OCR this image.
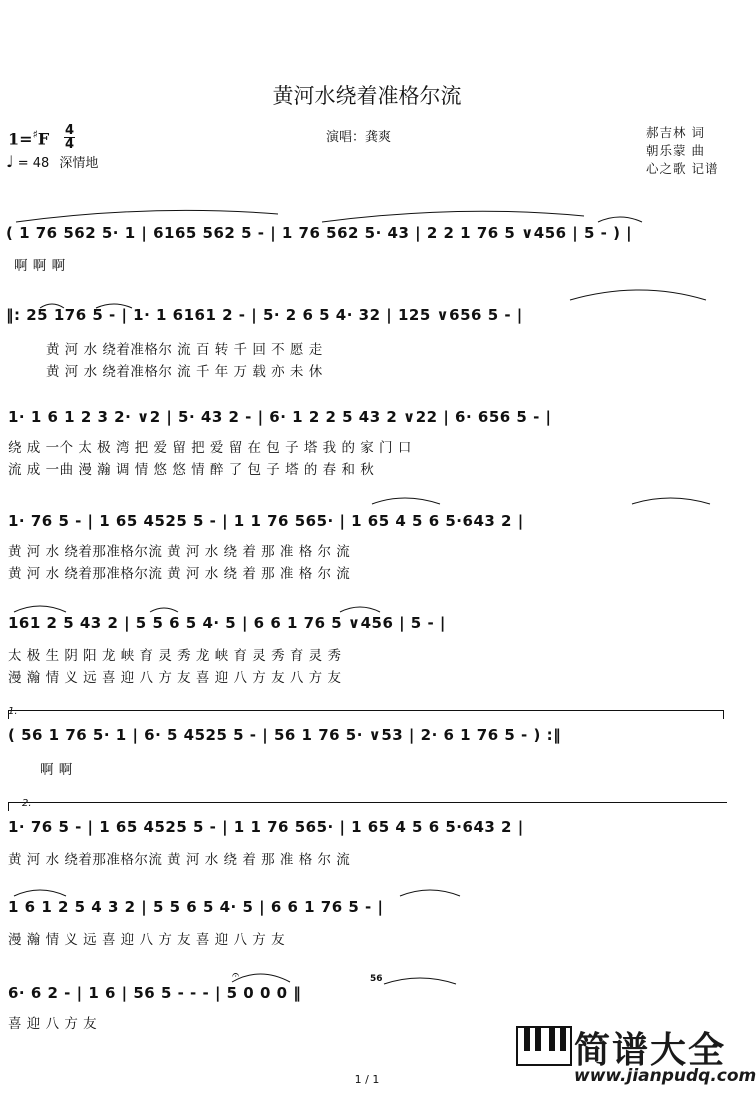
黄河水绕着准格尔流
1=♯F 4
4
♩ = 48 深情地
演唱：龚爽	郝吉林 词
朝乐蒙 曲
心之歌 记谱
( 1 76 562 5· 1 | 6165 562 5 - | 1 76 562 5· 43 | 2 2 1 76 5 ∨456 | 5 - ) |
啊 啊 啊
‖: 25 176 5 - | 1· 1 6161 2 - | 5· 2 6 5 4· 32 | 125 ∨656 5 - |
黄 河 水 绕着准格尔 流 百 转 千 回 不 愿 走
黄 河 水 绕着准格尔 流 千 年 万 载 亦 未 休
1· 1 6 1 2 3 2· ∨2 | 5· 43 2 - | 6· 1 2 2 5 43 2 ∨22 | 6· 656 5 - |
绕 成 一个 太 极 湾 把 爱 留 把 爱 留 在 包 子 塔 我 的 家 门 口
流 成 一曲 漫 瀚 调 情 悠 悠 情 醉 了 包 子 塔 的 春 和 秋
1· 76 5 - | 1 65 4525 5 - | 1 1 76 565· | 1 65 4 5 6 5·643 2 |
黄 河 水 绕着那准格尔流 黄 河 水 绕 着 那 准 格 尔 流
黄 河 水 绕着那准格尔流 黄 河 水 绕 着 那 准 格 尔 流
161 2 5 43 2 | 5 5 6 5 4· 5 | 6 6 1 76 5 ∨456 | 5 - |
太 极 生 阴 阳 龙 峡 育 灵 秀 龙 峡 育 灵 秀 育 灵 秀
漫 瀚 情 义 远 喜 迎 八 方 友 喜 迎 八 方 友 八 方 友
1.
( 56 1 76 5· 1 | 6· 5 4525 5 - | 56 1 76 5· ∨53 | 2· 6 1 76 5 - ) :‖
啊 啊
2.
1· 76 5 - | 1 65 4525 5 - | 1 1 76 565· | 1 65 4 5 6 5·643 2 |
黄 河 水 绕着那准格尔流 黄 河 水 绕 着 那 准 格 尔 流
1 6 1 2 5 4 3 2 | 5 5 6 5 4· 5 | 6 6 1 76 5 - |
漫 瀚 情 义 远 喜 迎 八 方 友 喜 迎 八 方 友
𝄐	56
6· 6 2 - | 1 6 | 56 5 - - - | 5 0 0 0 ‖
喜 迎 八 方 友
简谱大全
www.jianpudq.com
1 / 1
